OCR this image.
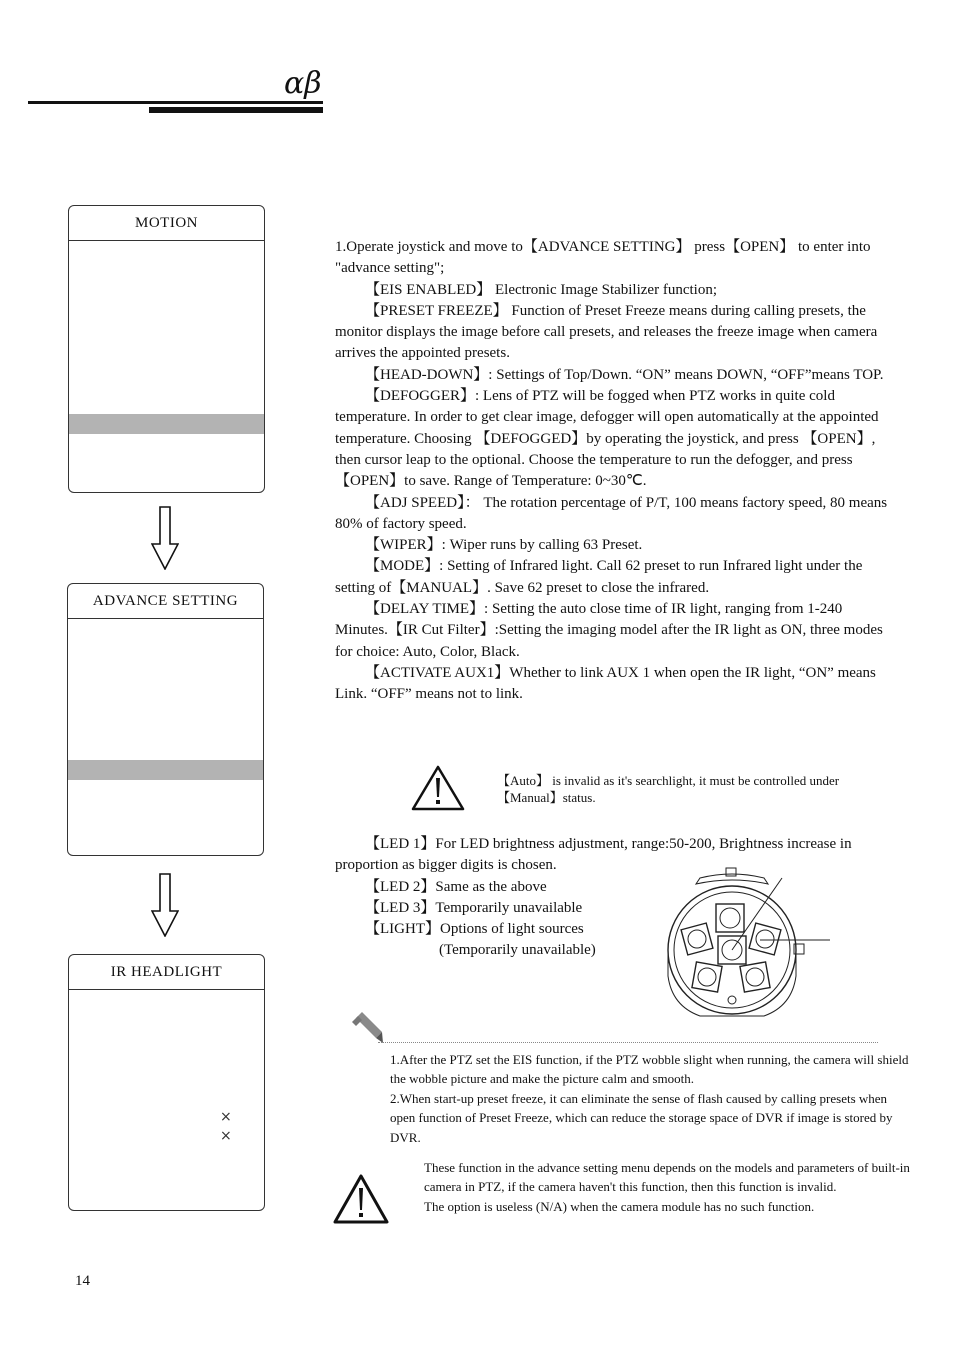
αβ
MOTION
ADVANCE SETTING
IR HEADLIGHT
×
×

1.Operate joystick and move to【ADVANCE SETTING】 press【OPEN】 to enter into "advance setting";

【EIS ENABLED】 Electronic Image Stabilizer function;

【PRESET FREEZE】 Function of Preset Freeze means during calling presets, the monitor displays the image before call presets, and releases the freeze image when camera arrives the appointed presets.

【HEAD-DOWN】: Settings of Top/Down. “ON” means DOWN, “OFF”means TOP.

【DEFOGGER】: Lens of PTZ will be fogged when PTZ works in quite cold temperature. In order to get clear image, defogger will open automatically at the appointed temperature. Choosing 【DEFOGGED】by operating the joystick, and press 【OPEN】, then cursor leap to the optional. Choose the temperature to run the defogger, and press 【OPEN】to save. Range of Temperature: 0~30℃.

【ADJ SPEED】： The rotation percentage of P/T, 100 means factory speed, 80 means 80% of factory speed.

【WIPER】: Wiper runs by calling 63 Preset.

【MODE】: Setting of Infrared light. Call 62 preset to run Infrared light under the setting of【MANUAL】. Save 62 preset to close the infrared.

【DELAY TIME】: Setting the auto close time of IR light, ranging from 1-240 Minutes.【IR Cut Filter】:Setting the imaging model after the IR light as ON, three modes for choice: Auto, Color, Black.

【ACTIVATE AUX1】Whether to link AUX 1 when open the IR light, “ON” means Link. “OFF” means not to link.

【Auto】 is invalid as it's searchlight, it must be controlled under【Manual】status.

【LED 1】For LED brightness adjustment, range:50-200, Brightness increase in proportion as bigger digits is chosen.

【LED 2】Same as the above

【LED 3】Temporarily unavailable

【LIGHT】Options of light sources

(Temporarily unavailable)

1.After the PTZ set the EIS function, if the PTZ wobble slight when running, the camera will shield the wobble picture and make the picture calm and smooth.

2.When start-up preset freeze, it can eliminate the sense of flash caused by calling presets when open function of Preset Freeze, which can reduce the storage space of DVR if image is stored by DVR.

These function in the advance setting menu depends on the models and parameters of built-in camera in PTZ, if the camera haven't this function, then this function is invalid.

The option is useless (N/A) when the camera module has no such function.

14
